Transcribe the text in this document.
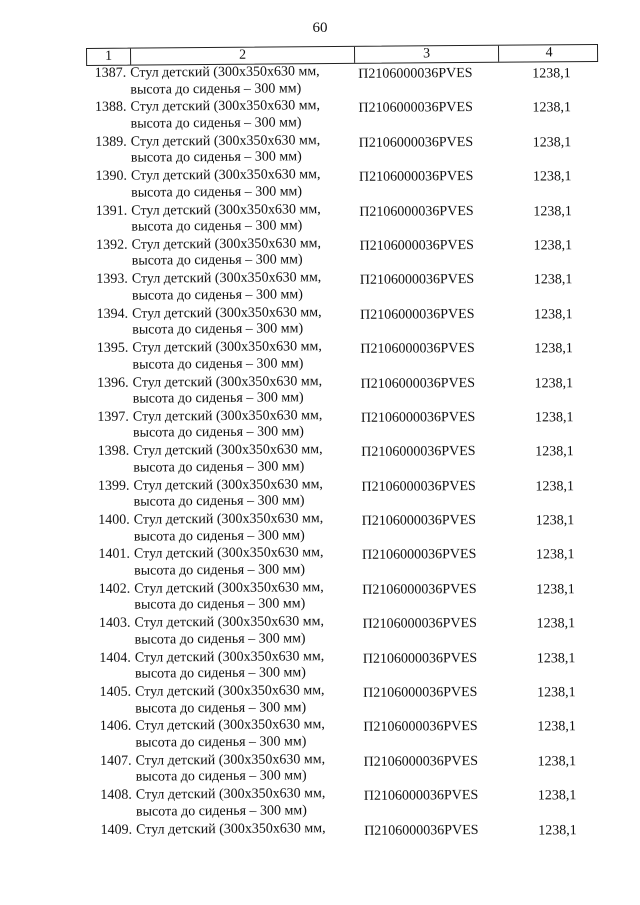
60
1	2	3	4
1387. Стул детский (300х350х630 мм,
высота до сиденья – 300 мм)
П2106000036PVES	1238,1
1388. Стул детский (300х350х630 мм,
высота до сиденья – 300 мм)
П2106000036PVES	1238,1
1389. Стул детский (300х350х630 мм,
высота до сиденья – 300 мм)
П2106000036PVES	1238,1
1390. Стул детский (300х350х630 мм,
высота до сиденья – 300 мм)
П2106000036PVES	1238,1
1391. Стул детский (300х350х630 мм,
высота до сиденья – 300 мм)
П2106000036PVES	1238,1
1392. Стул детский (300х350х630 мм,
высота до сиденья – 300 мм)
П2106000036PVES	1238,1
1393. Стул детский (300х350х630 мм,
высота до сиденья – 300 мм)
П2106000036PVES	1238,1
1394. Стул детский (300х350х630 мм,
высота до сиденья – 300 мм)
П2106000036PVES	1238,1
1395. Стул детский (300х350х630 мм,
высота до сиденья – 300 мм)
П2106000036PVES	1238,1
1396. Стул детский (300х350х630 мм,
высота до сиденья – 300 мм)
П2106000036PVES	1238,1
1397. Стул детский (300х350х630 мм,
высота до сиденья – 300 мм)
П2106000036PVES	1238,1
1398. Стул детский (300х350х630 мм,
высота до сиденья – 300 мм)
П2106000036PVES	1238,1
1399. Стул детский (300х350х630 мм,
высота до сиденья – 300 мм)
П2106000036PVES	1238,1
1400. Стул детский (300х350х630 мм,
высота до сиденья – 300 мм)
П2106000036PVES	1238,1
1401. Стул детский (300х350х630 мм,
высота до сиденья – 300 мм)
П2106000036PVES	1238,1
1402. Стул детский (300х350х630 мм,
высота до сиденья – 300 мм)
П2106000036PVES	1238,1
1403. Стул детский (300х350х630 мм,
высота до сиденья – 300 мм)
П2106000036PVES	1238,1
1404. Стул детский (300х350х630 мм,
высота до сиденья – 300 мм)
П2106000036PVES	1238,1
1405. Стул детский (300х350х630 мм,
высота до сиденья – 300 мм)
П2106000036PVES	1238,1
1406. Стул детский (300х350х630 мм,
высота до сиденья – 300 мм)
П2106000036PVES	1238,1
1407. Стул детский (300х350х630 мм,
высота до сиденья – 300 мм)
П2106000036PVES	1238,1
1408. Стул детский (300х350х630 мм,
высота до сиденья – 300 мм)
П2106000036PVES	1238,1
1409. Стул детский (300х350х630 мм,	П2106000036PVES	1238,1
